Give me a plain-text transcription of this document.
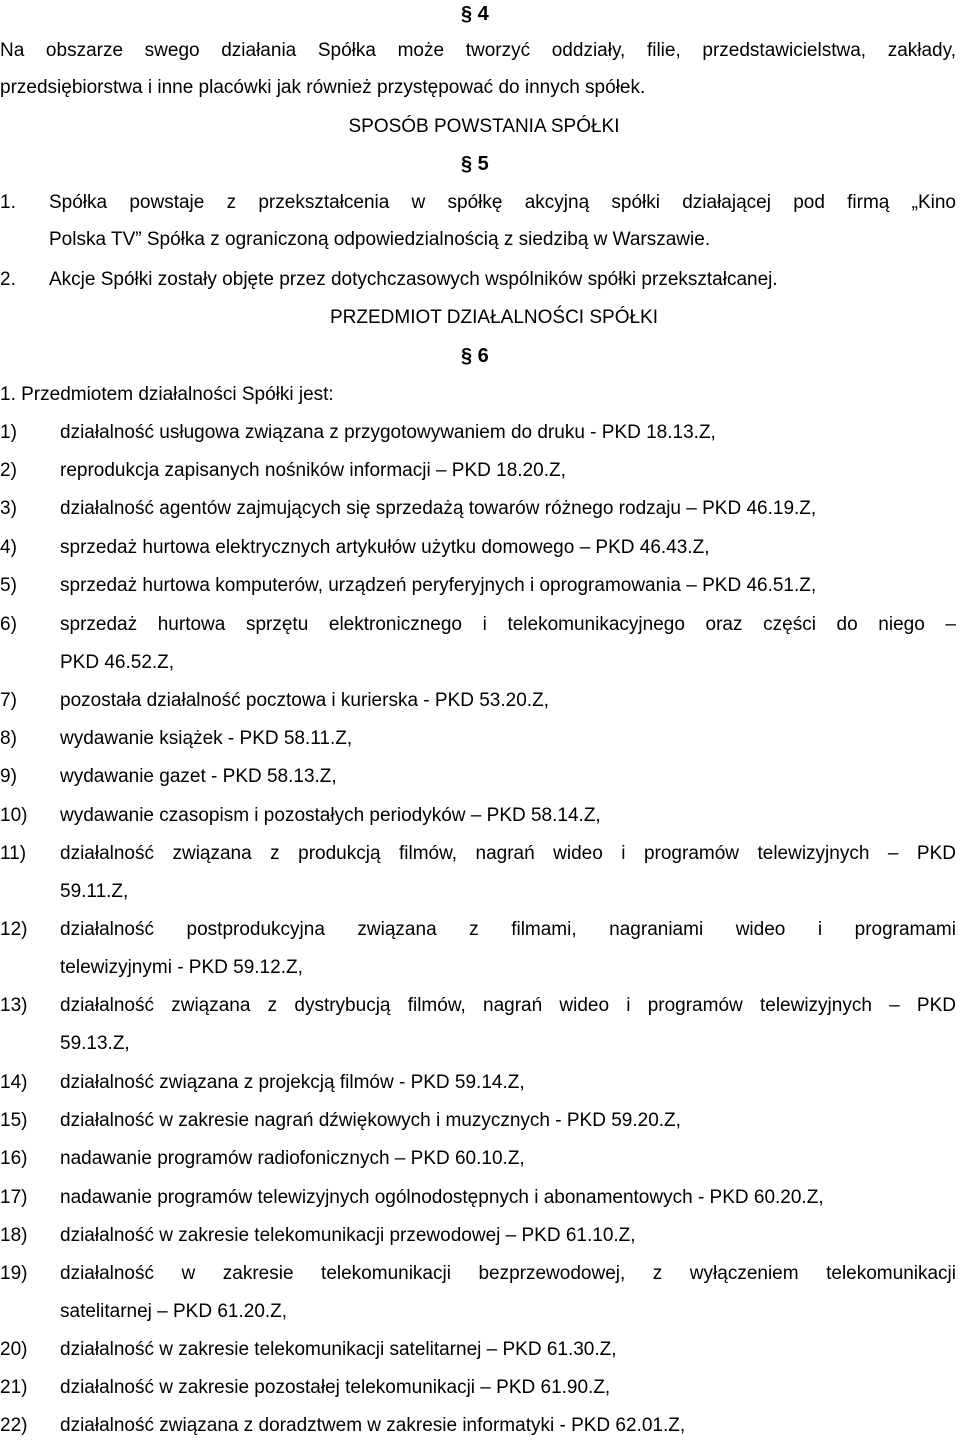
§ 4
Na obszarze swego działania Spółka może tworzyć oddziały, filie, przedstawicielstwa, zakłady,
przedsiębiorstwa i inne placówki jak również przystępować do innych spółek.
SPOSÓB POWSTANIA SPÓŁKI
§ 5
1. Spółka powstaje z przekształcenia w spółkę akcyjną spółki działającej pod firmą „Kino
Polska TV” Spółka z ograniczoną odpowiedzialnością z siedzibą w Warszawie.
2. Akcje Spółki zostały objęte przez dotychczasowych wspólników spółki przekształcanej.
PRZEDMIOT DZIAŁALNOŚCI SPÓŁKI
§ 6
1. Przedmiotem działalności Spółki jest:
1) działalność usługowa związana z przygotowywaniem do druku - PKD 18.13.Z,
2) reprodukcja zapisanych nośników informacji – PKD 18.20.Z,
3) działalność agentów zajmujących się sprzedażą towarów różnego rodzaju – PKD 46.19.Z,
4) sprzedaż hurtowa elektrycznych artykułów użytku domowego – PKD 46.43.Z,
5) sprzedaż hurtowa komputerów, urządzeń peryferyjnych i oprogramowania – PKD 46.51.Z,
6) sprzedaż hurtowa sprzętu elektronicznego i telekomunikacyjnego oraz części do niego –
PKD 46.52.Z,
7) pozostała działalność pocztowa i kurierska - PKD 53.20.Z,
8) wydawanie książek - PKD 58.11.Z,
9) wydawanie gazet - PKD 58.13.Z,
10) wydawanie czasopism i pozostałych periodyków – PKD 58.14.Z,
11) działalność związana z produkcją filmów, nagrań wideo i programów telewizyjnych – PKD
59.11.Z,
12) działalność postprodukcyjna związana z filmami, nagraniami wideo i programami
telewizyjnymi - PKD 59.12.Z,
13) działalność związana z dystrybucją filmów, nagrań wideo i programów telewizyjnych – PKD
59.13.Z,
14) działalność związana z projekcją filmów - PKD 59.14.Z,
15) działalność w zakresie nagrań dźwiękowych i muzycznych - PKD 59.20.Z,
16) nadawanie programów radiofonicznych – PKD 60.10.Z,
17) nadawanie programów telewizyjnych ogólnodostępnych i abonamentowych - PKD 60.20.Z,
18) działalność w zakresie telekomunikacji przewodowej – PKD 61.10.Z,
19) działalność w zakresie telekomunikacji bezprzewodowej, z wyłączeniem telekomunikacji
satelitarnej – PKD 61.20.Z,
20) działalność w zakresie telekomunikacji satelitarnej – PKD 61.30.Z,
21) działalność w zakresie pozostałej telekomunikacji – PKD 61.90.Z,
22) działalność związana z doradztwem w zakresie informatyki - PKD 62.01.Z,
